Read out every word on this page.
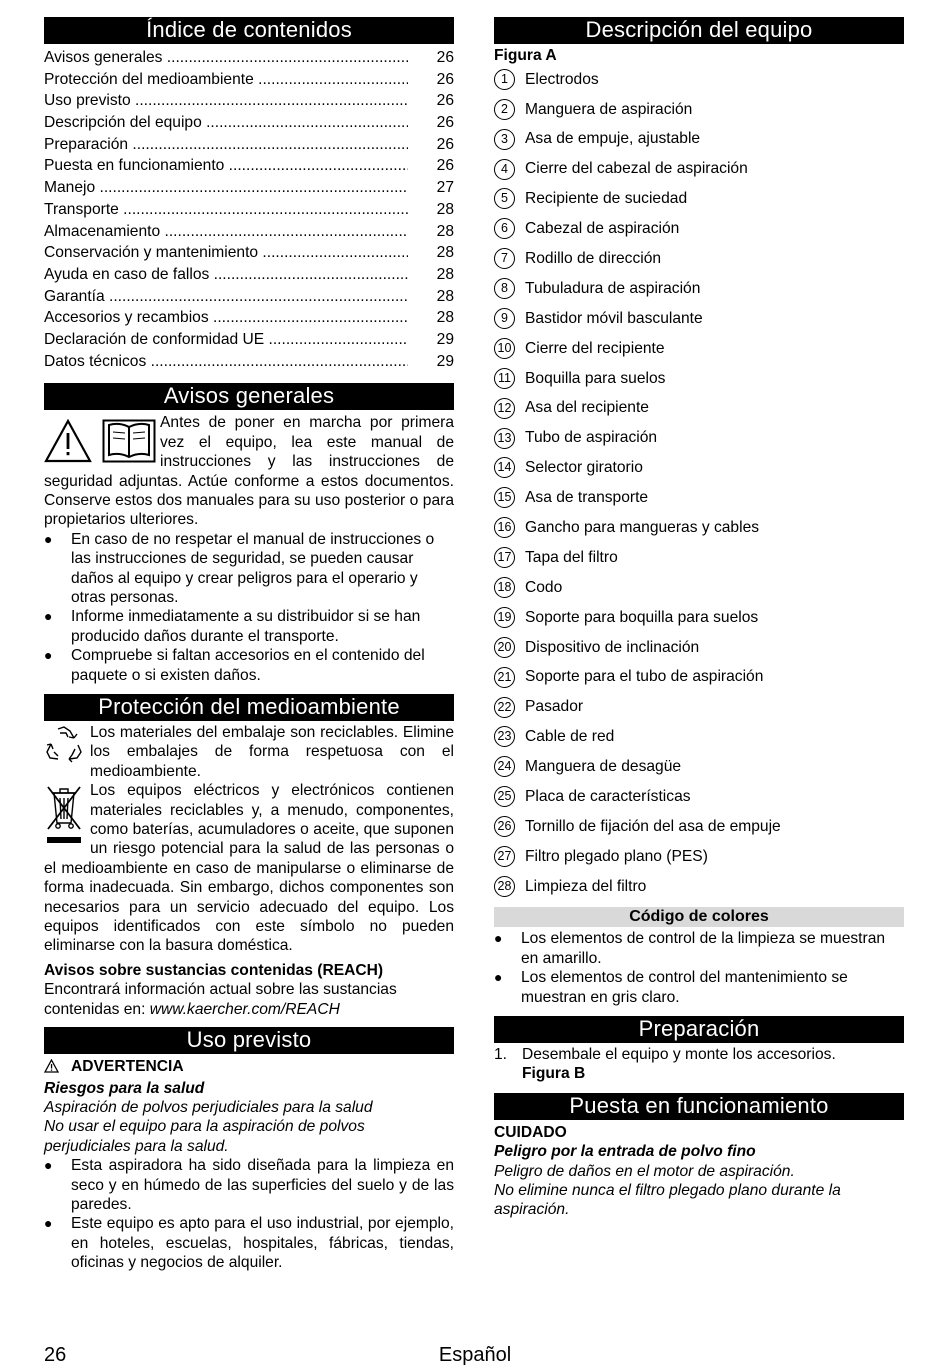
Índice de contenidos
Avisos generales .....	26
Protección del medioambiente .....	26
Uso previsto .....	26
Descripción del equipo .....	26
Preparación .....	26
Puesta en funcionamiento .....	26
Manejo .....	27
Transporte .....	28
Almacenamiento .....	28
Conservación y mantenimiento .....	28
Ayuda en caso de fallos .....	28
Garantía .....	28
Accesorios y recambios .....	28
Declaración de conformidad UE .....	29
Datos técnicos .....	29
Avisos generales

Antes de poner en marcha por primera vez el equipo, lea este manual de instrucciones y las instrucciones de seguridad adjuntas. Actúe conforme a estos documentos. Conserve estos dos manuales para su uso posterior o para propietarios ulteriores.

● En caso de no respetar el manual de instrucciones o las instrucciones de seguridad, se pueden causar daños al equipo y crear peligros para el operario y otras personas.
● Informe inmediatamente a su distribuidor si se han producido daños durante el transporte.
● Compruebe si faltan accesorios en el contenido del paquete o si existen daños.
Protección del medioambiente

Los materiales del embalaje son reciclables. Elimine los embalajes de forma respetuosa con el medioambiente.

Los equipos eléctricos y electrónicos contienen materiales reciclables y, a menudo, componentes, como baterías, acumuladores o aceite, que suponen un riesgo potencial para la salud de las personas o el medioambiente en caso de manipularse o eliminarse de forma inadecuada. Sin embargo, dichos componentes son necesarios para un servicio adecuado del equipo. Los equipos identificados con este símbolo no pueden eliminarse con la basura doméstica.

Avisos sobre sustancias contenidas (REACH)

Encontrará información actual sobre las sustancias contenidas en: www.kaercher.com/REACH

Uso previsto

ADVERTENCIA

Riesgos para la salud

Aspiración de polvos perjudiciales para la salud

No usar el equipo para la aspiración de polvos perjudiciales para la salud.

● Esta aspiradora ha sido diseñada para la limpieza en seco y en húmedo de las superficies del suelo y de las paredes.
● Este equipo es apto para el uso industrial, por ejemplo, en hoteles, escuelas, hospitales, fábricas, tiendas, oficinas y negocios de alquiler.
Descripción del equipo

Figura A

1	Electrodos
2	Manguera de aspiración
3	Asa de empuje, ajustable
4	Cierre del cabezal de aspiración
5	Recipiente de suciedad
6	Cabezal de aspiración
7	Rodillo de dirección
8	Tubuladura de aspiración
9	Bastidor móvil basculante
10 Cierre del recipiente
11 Boquilla para suelos
12 Asa del recipiente
13 Tubo de aspiración
14 Selector giratorio
15 Asa de transporte
16 Gancho para mangueras y cables
17 Tapa del filtro
18 Codo
19 Soporte para boquilla para suelos
20 Dispositivo de inclinación
21 Soporte para el tubo de aspiración
22 Pasador
23 Cable de red
24 Manguera de desagüe
25 Placa de características
26 Tornillo de fijación del asa de empuje
27 Filtro plegado plano (PES)
28 Limpieza del filtro
Código de colores
● Los elementos de control de la limpieza se muestran en amarillo.
● Los elementos de control del mantenimiento se muestran en gris claro.
Preparación
1. Desembale el equipo y monte los accesorios.
Figura B
Puesta en funcionamiento

CUIDADO

Peligro por la entrada de polvo fino

Peligro de daños en el motor de aspiración.

No elimine nunca el filtro plegado plano durante la aspiración.

26	Español
